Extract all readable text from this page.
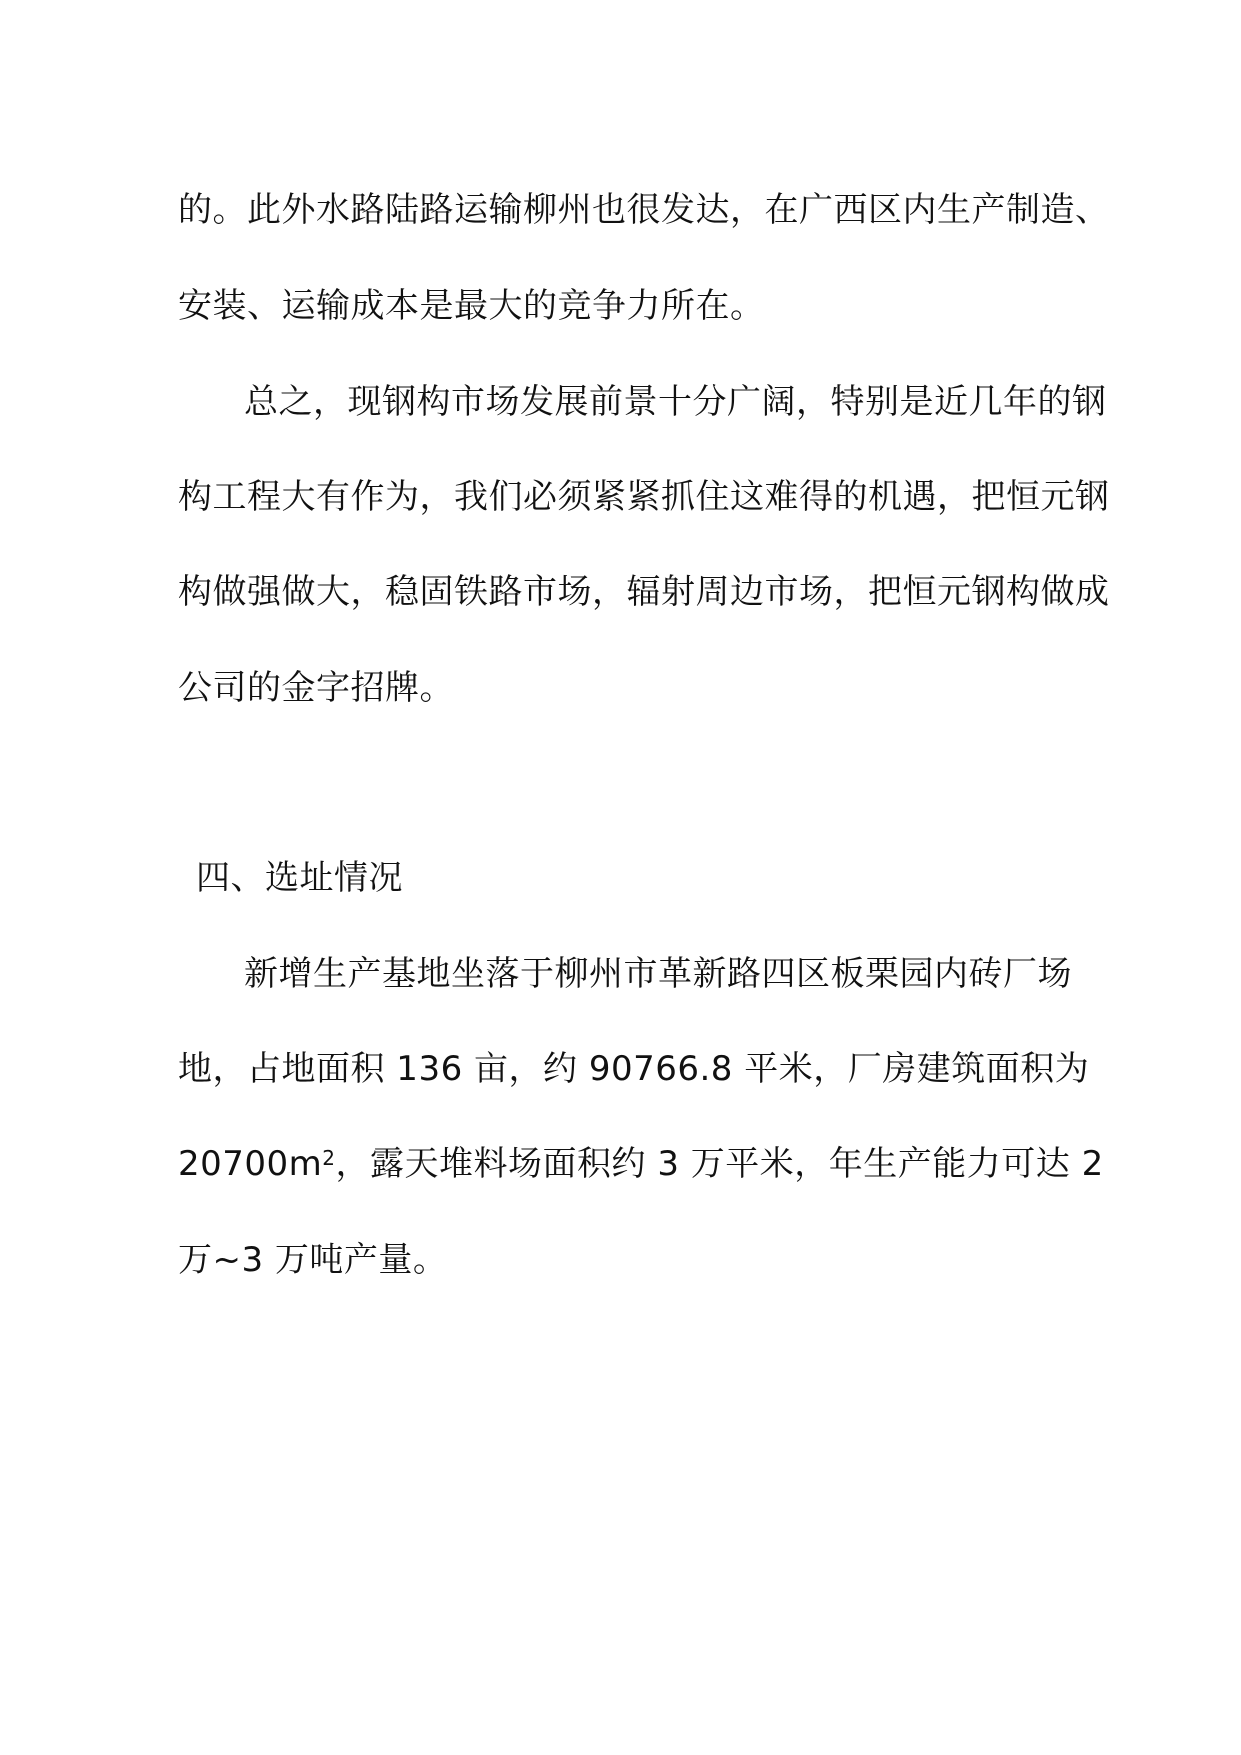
的。此外水路陆路运输柳州也很发达，在广西区内生产制造、
安装、运输成本是最大的竞争力所在。
总之，现钢构市场发展前景十分广阔，特别是近几年的钢
构工程大有作为，我们必须紧紧抓住这难得的机遇，把恒元钢
构做强做大，稳固铁路市场，辐射周边市场，把恒元钢构做成
公司的金字招牌。
四、选址情况
新增生产基地坐落于柳州市革新路四区板栗园内砖厂场
地，占地面积 136 亩，约 90766.8 平米，厂房建筑面积为
$20700m^2$，露天堆料场面积约 3 万平米，年生产能力可达 2
万~3 万吨产量。
